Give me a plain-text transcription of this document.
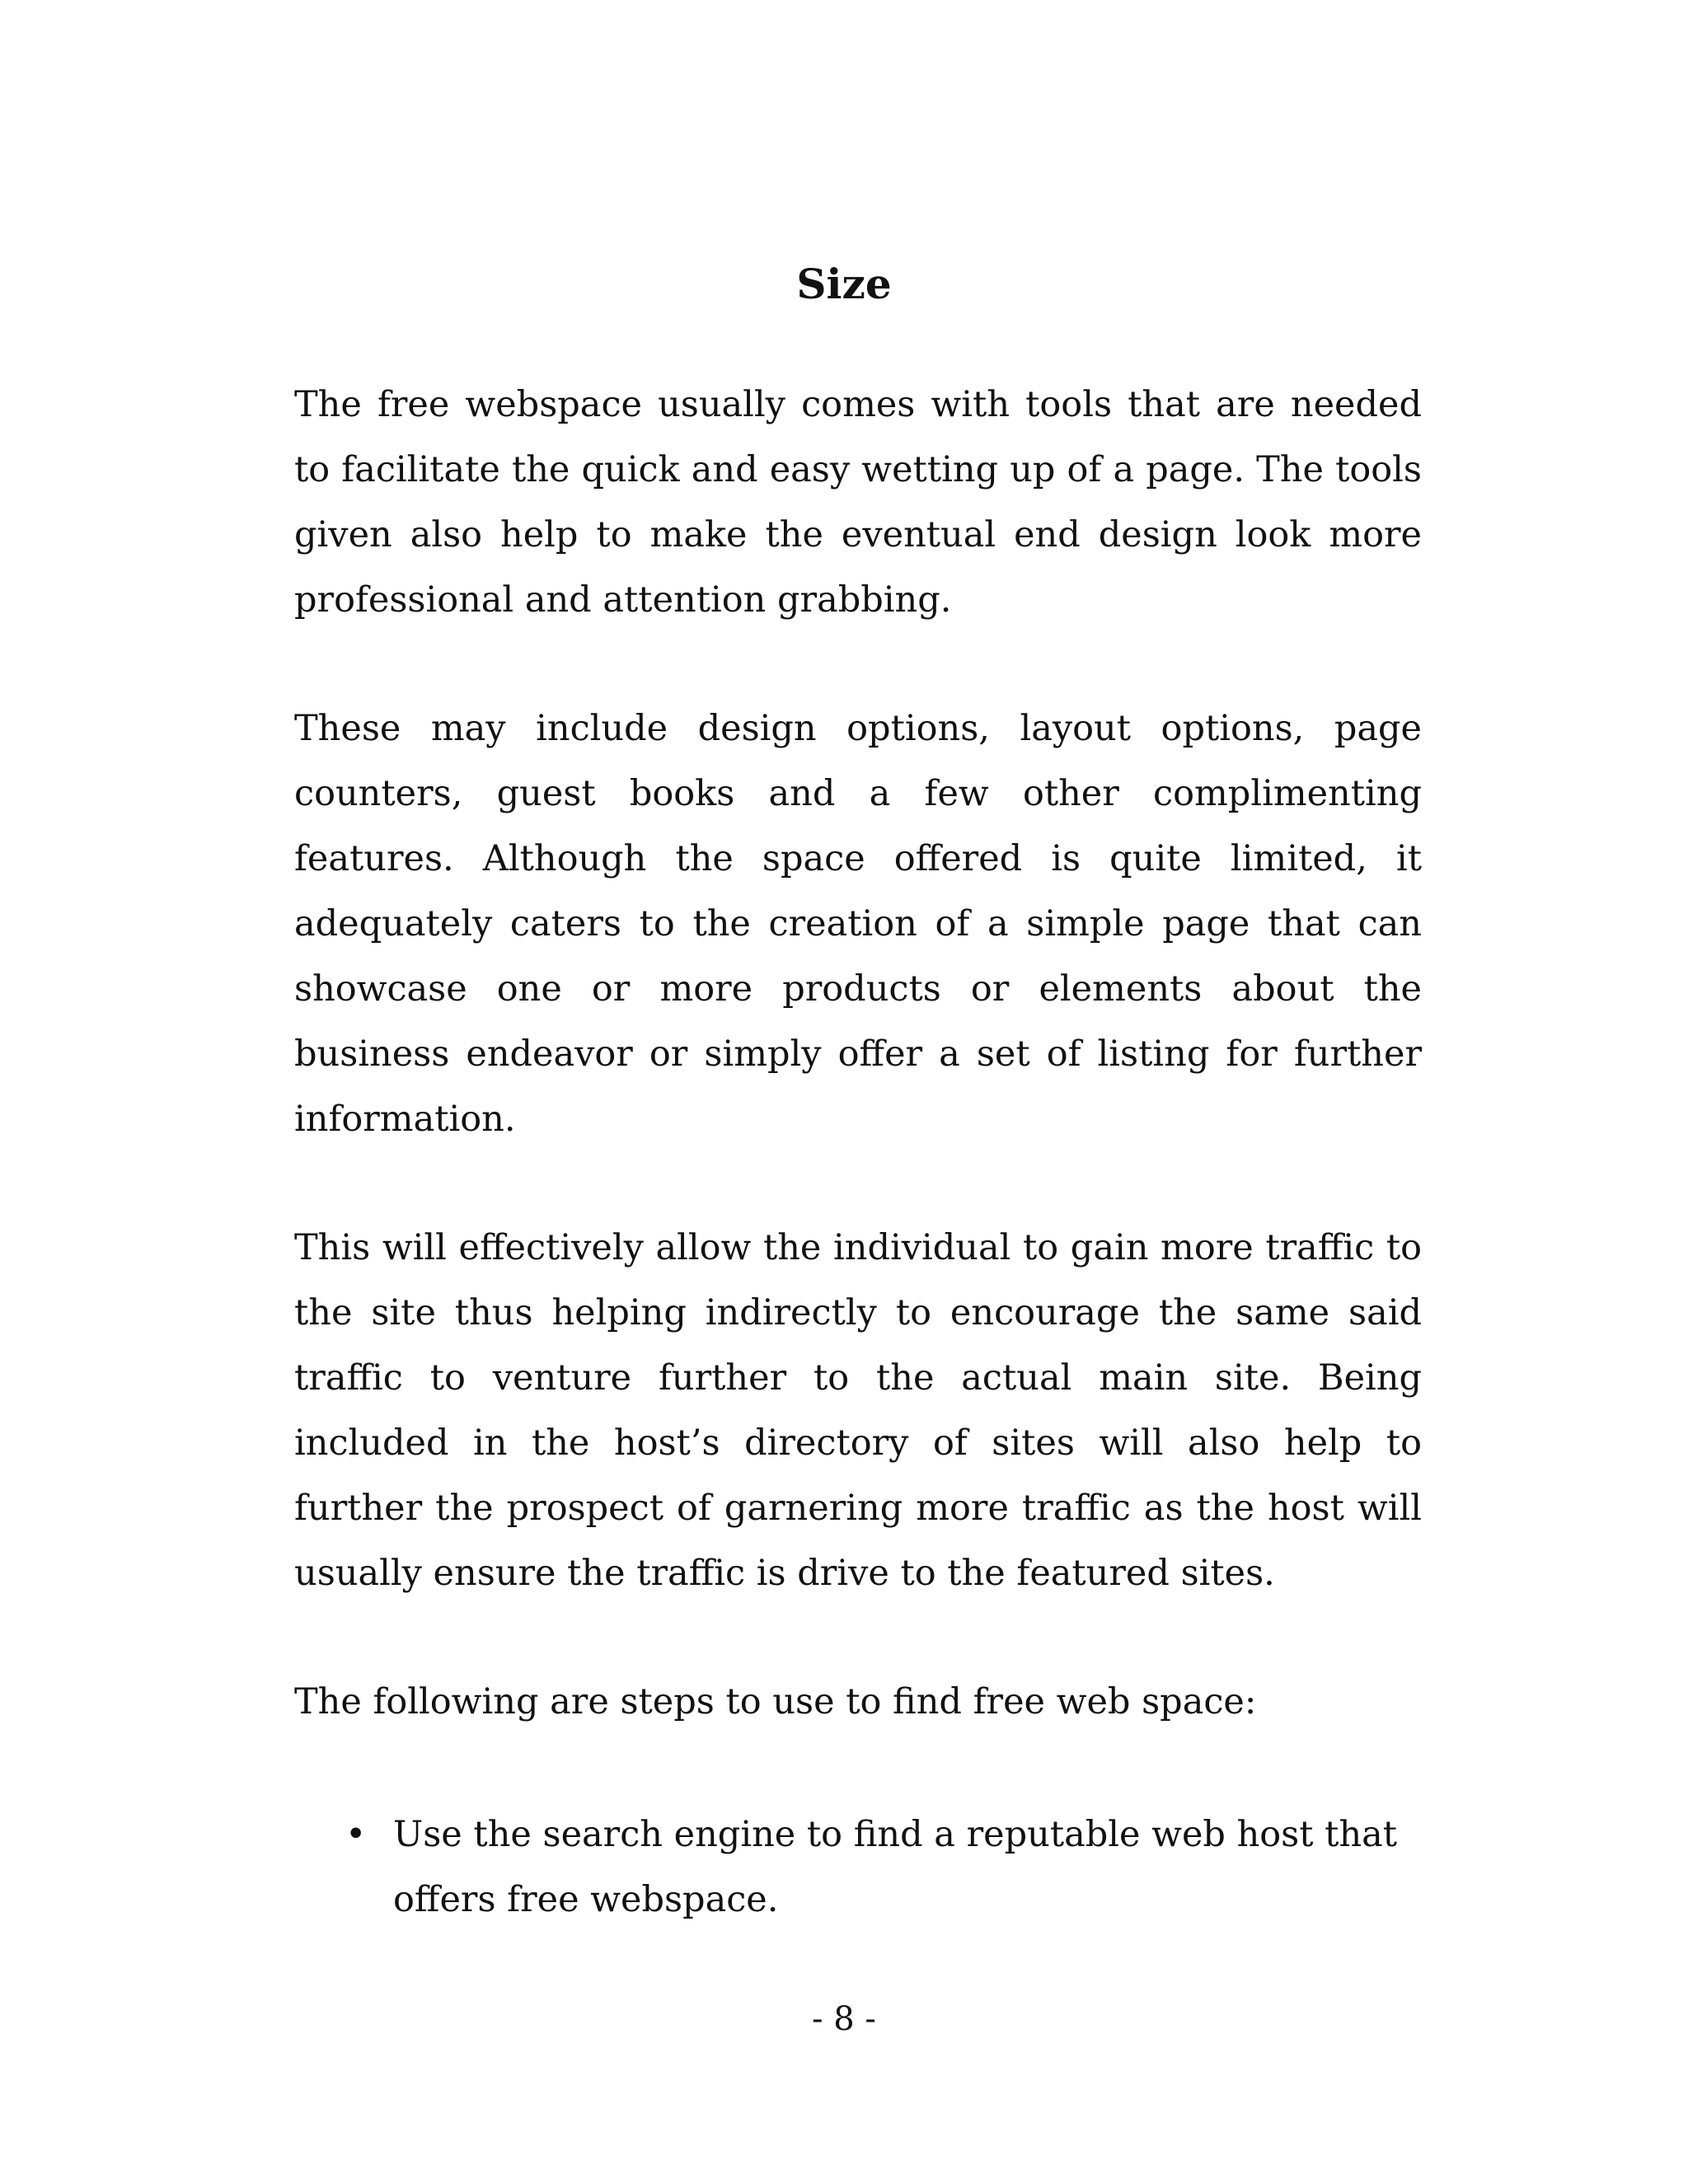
Size

The free webspace usually comes with tools that are needed to facilitate the quick and easy wetting up of a page. The tools given also help to make the eventual end design look more professional and attention grabbing.

These may include design options, layout options, page counters, guest books and a few other complimenting features. Although the space offered is quite limited, it adequately caters to the creation of a simple page that can showcase one or more products or elements about the business endeavor or simply offer a set of listing for further information.

This will effectively allow the individual to gain more traffic to the site thus helping indirectly to encourage the same said traffic to venture further to the actual main site. Being included in the host’s directory of sites will also help to further the prospect of garnering more traffic as the host will usually ensure the traffic is drive to the featured sites.

The following are steps to use to find free web space:

• Use the search engine to find a reputable web host that offers free webspace.
- 8 -
